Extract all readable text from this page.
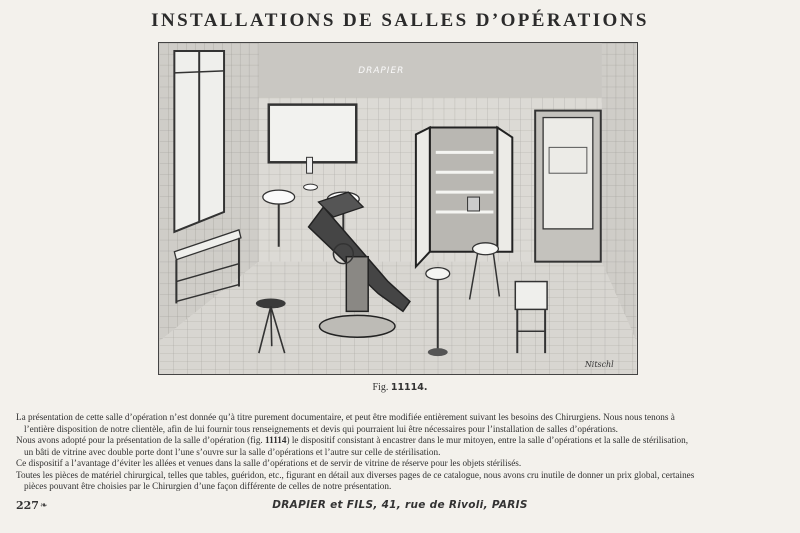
INSTALLATIONS DE SALLES D’OPÉRATIONS
DRAPIER
Nitschl
Fig. 11114.

La présentation de cette salle d’opération n’est donnée qu’à titre purement documentaire, et peut être modifiée entièrement suivant les besoins des Chirurgiens. Nous nous tenons à
l’entière disposition de notre clientèle, afin de lui fournir tous renseignements et devis qui pourraient lui être nécessaires pour l’installation de salles d’opérations.

Nous avons adopté pour la présentation de la salle d’opération (fig. 11114) le dispositif consistant à encastrer dans le mur mitoyen, entre la salle d’opérations et la salle de stérilisation,
un bâti de vitrine avec double porte dont l’une s’ouvre sur la salle d’opérations et l’autre sur celle de stérilisation.

Ce dispositif a l’avantage d’éviter les allées et venues dans la salle d’opérations et de servir de vitrine de réserve pour les objets stérilisés.

Toutes les pièces de matériel chirurgical, telles que tables, guéridon, etc., figurant en détail aux diverses pages de ce catalogue, nous avons cru inutile de donner un prix global, certaines
pièces pouvant être choisies par le Chirurgien d’une façon différente de celles de notre présentation.

227 ❧	DRAPIER et FILS, 41, rue de Rivoli, PARIS
